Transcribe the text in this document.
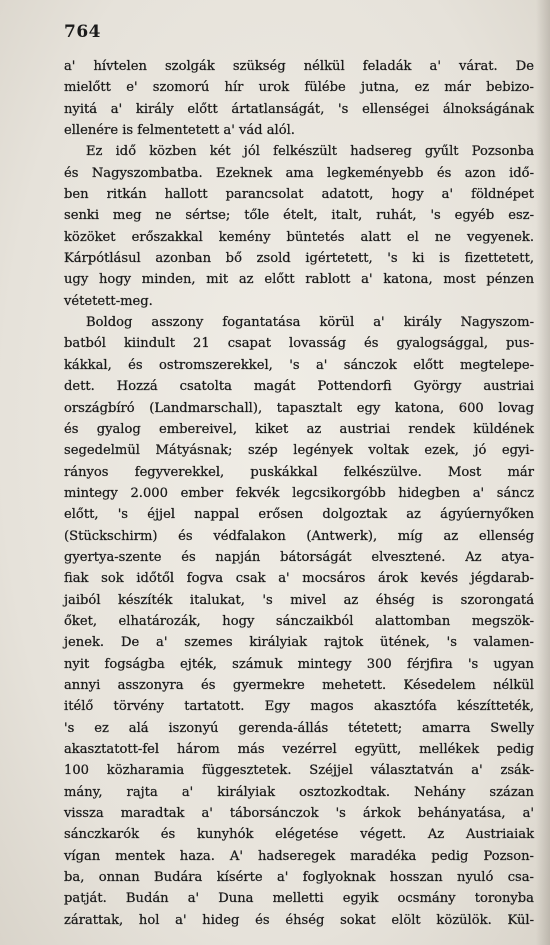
764
a' hívtelen szolgák szükség nélkül feladák a' várat. De
mielőtt e' szomorú hír urok fülébe jutna, ez már bebizo-
nyitá a' király előtt ártatlanságát, 's ellenségei álnokságának
ellenére is felmentetett a' vád alól.
Ez idő közben két jól felkészült hadsereg gyűlt Pozsonba
és Nagyszombatba. Ezeknek ama legkeményebb és azon idő-
ben ritkán hallott parancsolat adatott, hogy a' földnépet
senki meg ne sértse; tőle ételt, italt, ruhát, 's egyéb esz-
közöket erőszakkal kemény büntetés alatt el ne vegyenek.
Kárpótlásul azonban bő zsold igértetett, 's ki is fizettetett,
ugy hogy minden, mit az előtt rablott a' katona, most pénzen
vétetett-meg.
Boldog asszony fogantatása körül a' király Nagyszom-
batból kiindult 21 csapat lovasság és gyalogsággal, pus-
kákkal, és ostromszerekkel, 's a' sánczok előtt megtelepe-
dett. Hozzá csatolta magát Pottendorfi György austriai
országbíró (Landmarschall), tapasztalt egy katona, 600 lovag
és gyalog embereivel, kiket az austriai rendek küldének
segedelmül Mátyásnak; szép legények voltak ezek, jó egyi-
rányos fegyverekkel, puskákkal felkészülve. Most már
mintegy 2.000 ember fekvék legcsikorgóbb hidegben a' sáncz
előtt, 's éjjel nappal erősen dolgoztak az ágyúernyőken
(Stückschirm) és védfalakon (Antwerk), míg az ellenség
gyertya-szente és napján bátorságát elvesztené. Az atya-
fiak sok időtől fogva csak a' mocsáros árok kevés jégdarab-
jaiból készíték italukat, 's mivel az éhség is szorongatá
őket, elhatározák, hogy sánczaikból alattomban megszök-
jenek. De a' szemes királyiak rajtok ütének, 's valamen-
nyit fogságba ejték, számuk mintegy 300 férjfira 's ugyan
annyi asszonyra és gyermekre mehetett. Késedelem nélkül
itélő törvény tartatott. Egy magos akasztófa készítteték,
's ez alá iszonyú gerenda-állás tétetett; amarra Swelly
akasztatott-fel három más vezérrel együtt, mellékek pedig
100 közharamia függesztetek. Széjjel választatván a' zsák-
mány, rajta a' királyiak osztozkodtak. Nehány százan
vissza maradtak a' táborsánczok 's árkok behányatása, a'
sánczkarók és kunyhók elégetése végett. Az Austriaiak
vígan mentek haza. A' hadseregek maradéka pedig Pozson-
ba, onnan Budára kísérte a' foglyoknak hosszan nyuló csa-
patját. Budán a' Duna melletti egyik ocsmány toronyba
zárattak, hol a' hideg és éhség sokat elölt közülök. Kül-
